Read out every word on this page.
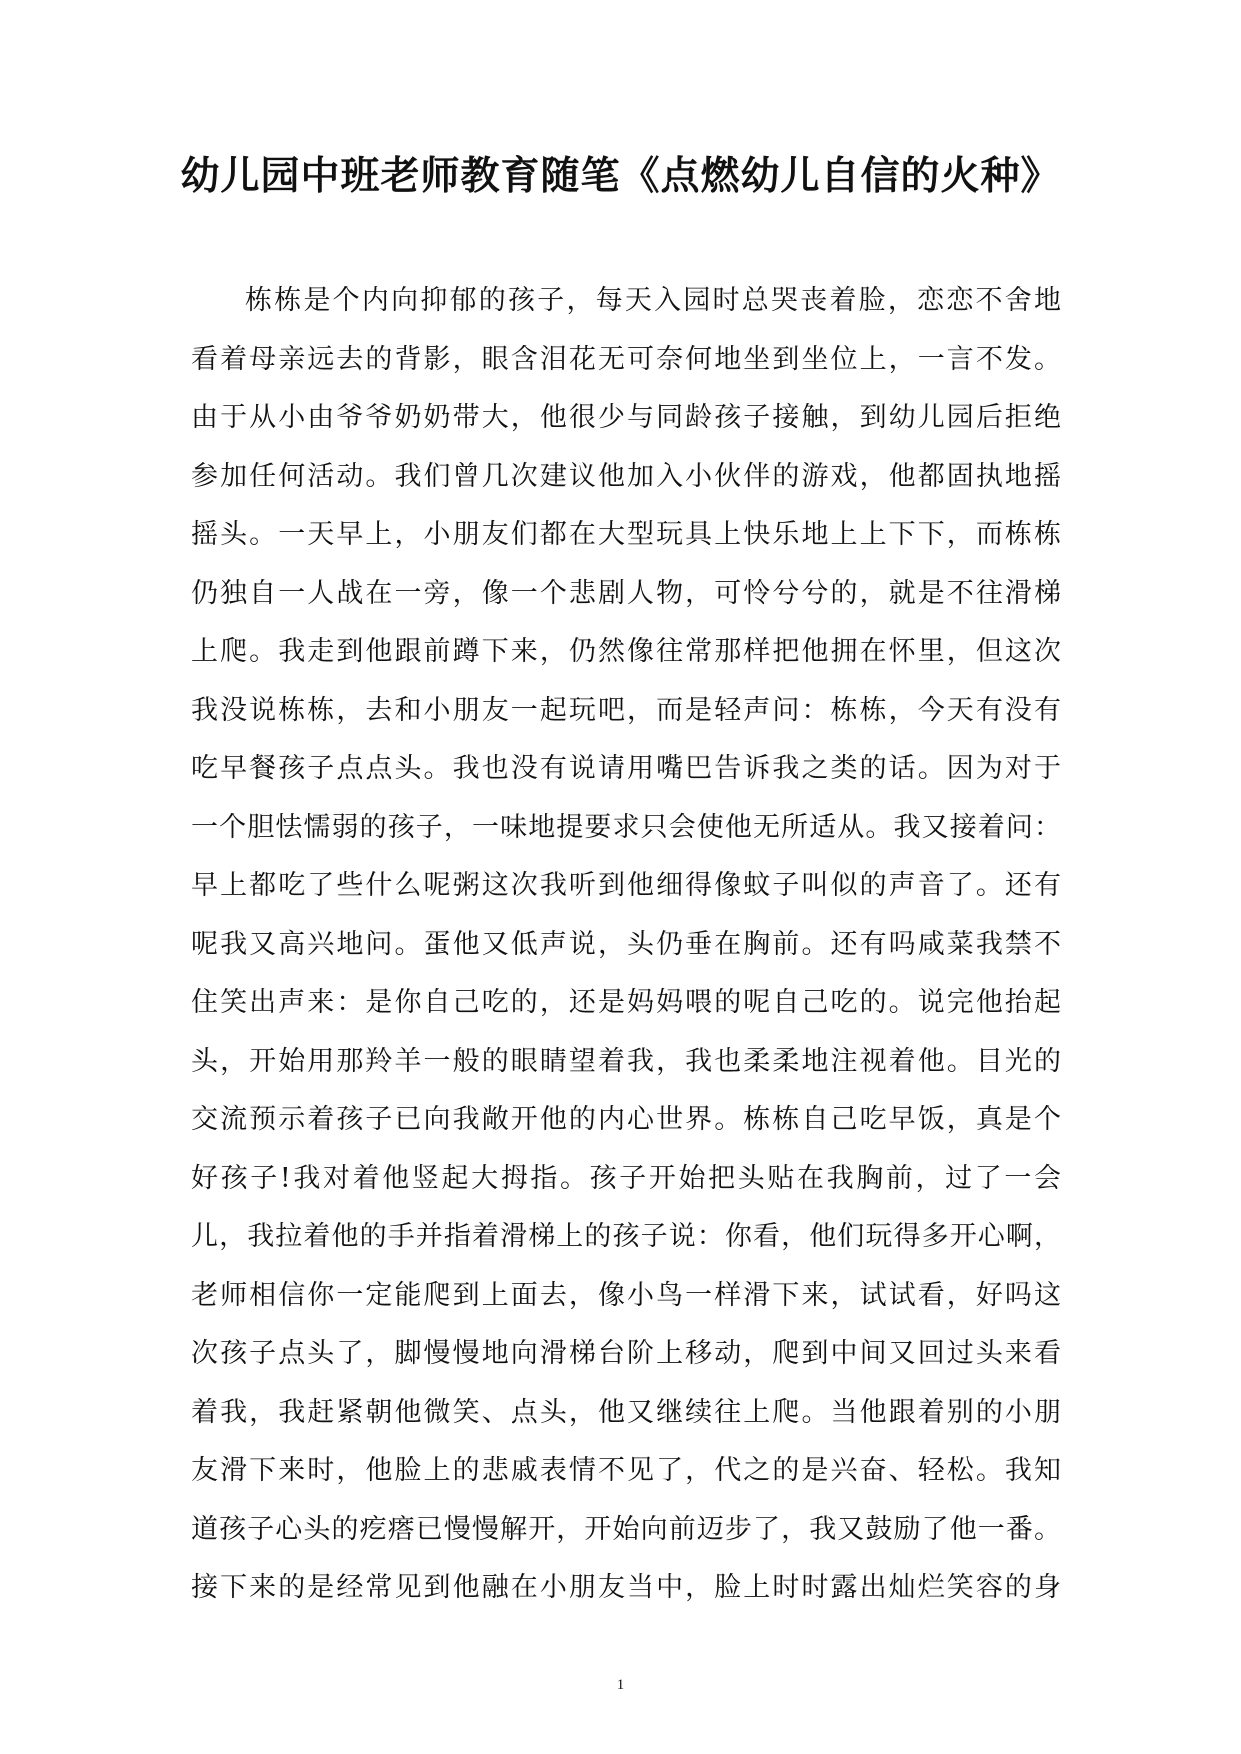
幼儿园中班老师教育随笔《点燃幼儿自信的火种》
栋栋是个内向抑郁的孩子，每天入园时总哭丧着脸，恋恋不舍地
看着母亲远去的背影，眼含泪花无可奈何地坐到坐位上，一言不发。
由于从小由爷爷奶奶带大，他很少与同龄孩子接触，到幼儿园后拒绝
参加任何活动。我们曾几次建议他加入小伙伴的游戏，他都固执地摇
摇头。一天早上，小朋友们都在大型玩具上快乐地上上下下，而栋栋
仍独自一人战在一旁，像一个悲剧人物，可怜兮兮的，就是不往滑梯
上爬。我走到他跟前蹲下来，仍然像往常那样把他拥在怀里，但这次
我没说栋栋，去和小朋友一起玩吧，而是轻声问：栋栋，今天有没有
吃早餐孩子点点头。我也没有说请用嘴巴告诉我之类的话。因为对于
一个胆怯懦弱的孩子，一味地提要求只会使他无所适从。我又接着问：
早上都吃了些什么呢粥这次我听到他细得像蚊子叫似的声音了。还有
呢我又高兴地问。蛋他又低声说，头仍垂在胸前。还有吗咸菜我禁不
住笑出声来：是你自己吃的，还是妈妈喂的呢自己吃的。说完他抬起
头，开始用那羚羊一般的眼睛望着我，我也柔柔地注视着他。目光的
交流预示着孩子已向我敞开他的内心世界。栋栋自己吃早饭，真是个
好孩子!我对着他竖起大拇指。孩子开始把头贴在我胸前，过了一会
儿，我拉着他的手并指着滑梯上的孩子说：你看，他们玩得多开心啊，
老师相信你一定能爬到上面去，像小鸟一样滑下来，试试看，好吗这
次孩子点头了，脚慢慢地向滑梯台阶上移动，爬到中间又回过头来看
着我，我赶紧朝他微笑、点头，他又继续往上爬。当他跟着别的小朋
友滑下来时，他脸上的悲戚表情不见了，代之的是兴奋、轻松。我知
道孩子心头的疙瘩已慢慢解开，开始向前迈步了，我又鼓励了他一番。
接下来的是经常见到他融在小朋友当中，脸上时时露出灿烂笑容的身
1
